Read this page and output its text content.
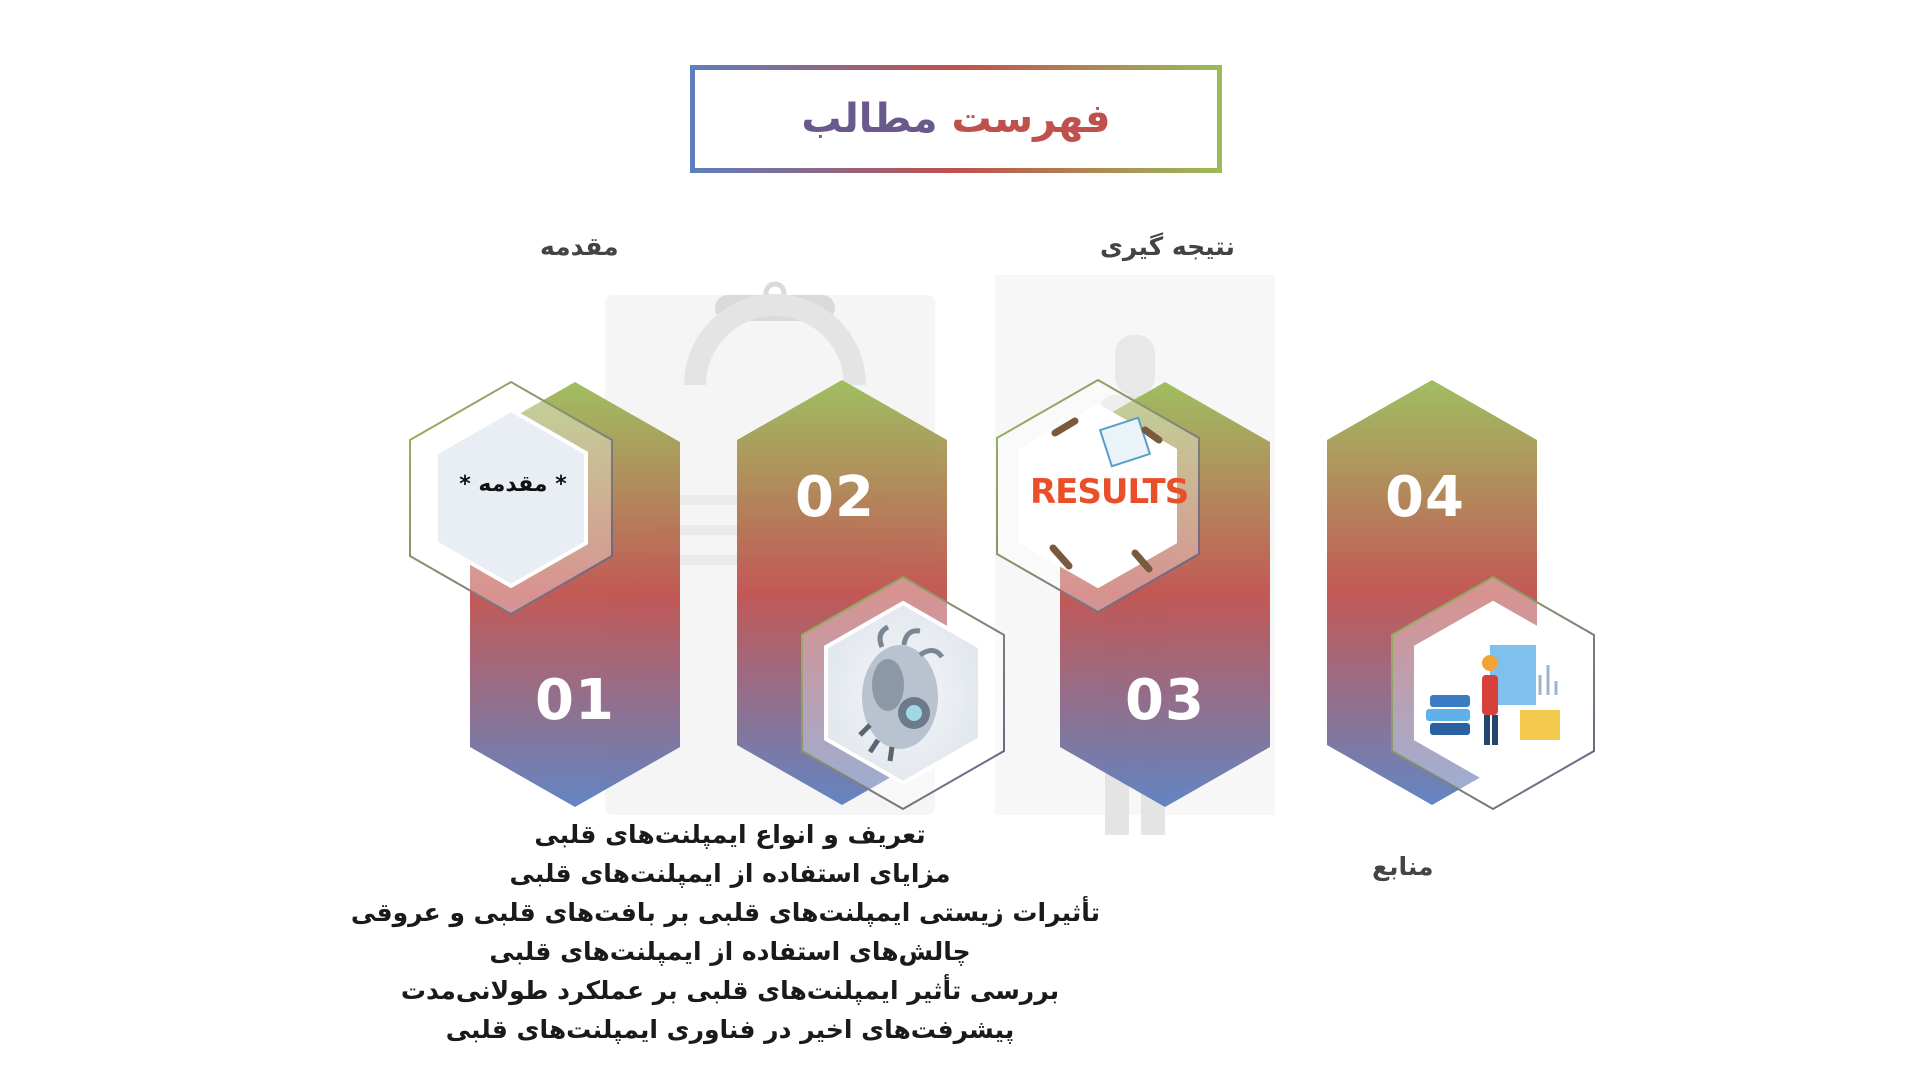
فهرست مطالب
مقدمه	نتیجه گیری
منابع
* مقدمه *
01
02	RESULTS
03
04
تعریف و انواع ایمپلنت‌های قلبی
مزایای استفاده از ایمپلنت‌های قلبی
تأثیرات زیستی ایمپلنت‌های قلبی بر بافت‌های قلبی و عروقی
چالش‌های استفاده از ایمپلنت‌های قلبی
بررسی تأثیر ایمپلنت‌های قلبی بر عملکرد طولانی‌مدت
پیشرفت‌های اخیر در فناوری ایمپلنت‌های قلبی
